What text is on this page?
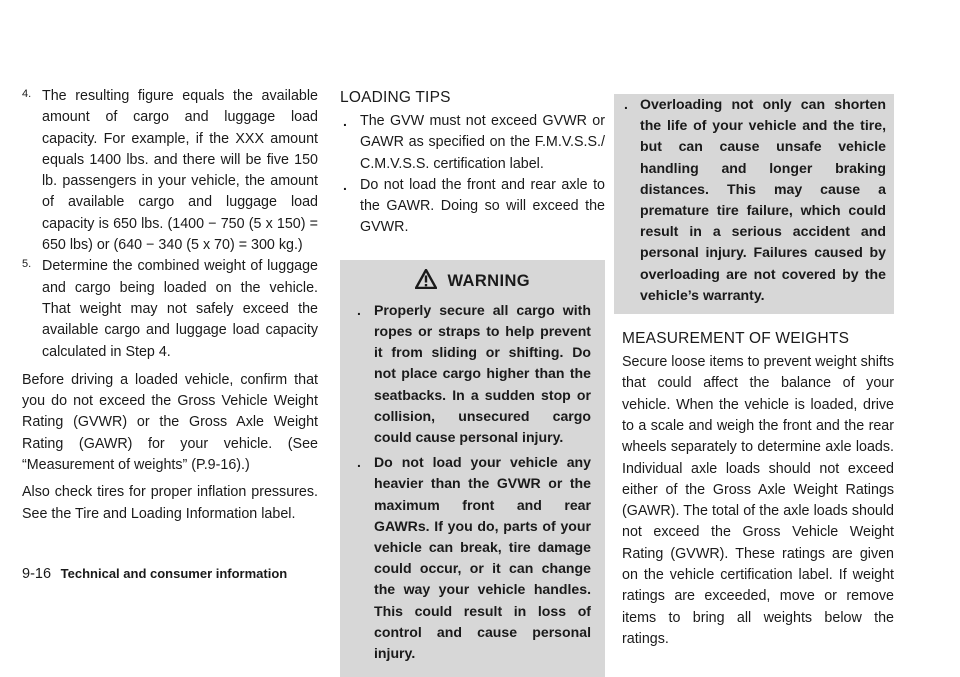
4. The resulting figure equals the available amount of cargo and luggage load capacity. For example, if the XXX amount equals 1400 lbs. and there will be five 150 lb. passengers in your vehicle, the amount of available cargo and luggage load capacity is 650 lbs. (1400 − 750 (5 x 150) = 650 lbs) or (640 − 340 (5 x 70) = 300 kg.)

5. Determine the combined weight of luggage and cargo being loaded on the vehicle. That weight may not safely exceed the available cargo and luggage load capacity calculated in Step 4.

Before driving a loaded vehicle, confirm that you do not exceed the Gross Vehicle Weight Rating (GVWR) or the Gross Axle Weight Rating (GAWR) for your vehicle. (See “Measurement of weights” (P.9-16).)

Also check tires for proper inflation pressures. See the Tire and Loading Information label.

LOADING TIPS
. The GVW must not exceed GVWR or GAWR as specified on the F.M.V.S.S./ C.M.V.S.S. certification label.

. Do not load the front and rear axle to the GAWR. Doing so will exceed the GVWR.

WARNING
. Properly secure all cargo with ropes or straps to help prevent it from sliding or shifting. Do not place cargo higher than the seatbacks. In a sudden stop or collision, unsecured cargo could cause personal injury.

. Do not load your vehicle any heavier than the GVWR or the maximum front and rear GAWRs. If you do, parts of your vehicle can break, tire damage could occur, or it can change the way your vehicle handles. This could result in loss of control and cause personal injury.

. Overloading not only can shorten the life of your vehicle and the tire, but can cause unsafe vehicle handling and longer braking distances. This may cause a premature tire failure, which could result in a serious accident and personal injury. Failures caused by overloading are not covered by the vehicle’s warranty.

MEASUREMENT OF WEIGHTS

Secure loose items to prevent weight shifts that could affect the balance of your vehicle. When the vehicle is loaded, drive to a scale and weigh the front and the rear wheels separately to determine axle loads. Individual axle loads should not exceed either of the Gross Axle Weight Ratings (GAWR). The total of the axle loads should not exceed the Gross Vehicle Weight Rating (GVWR). These ratings are given on the vehicle certification label. If weight ratings are exceeded, move or remove items to bring all weights below the ratings.

9-16 Technical and consumer information
